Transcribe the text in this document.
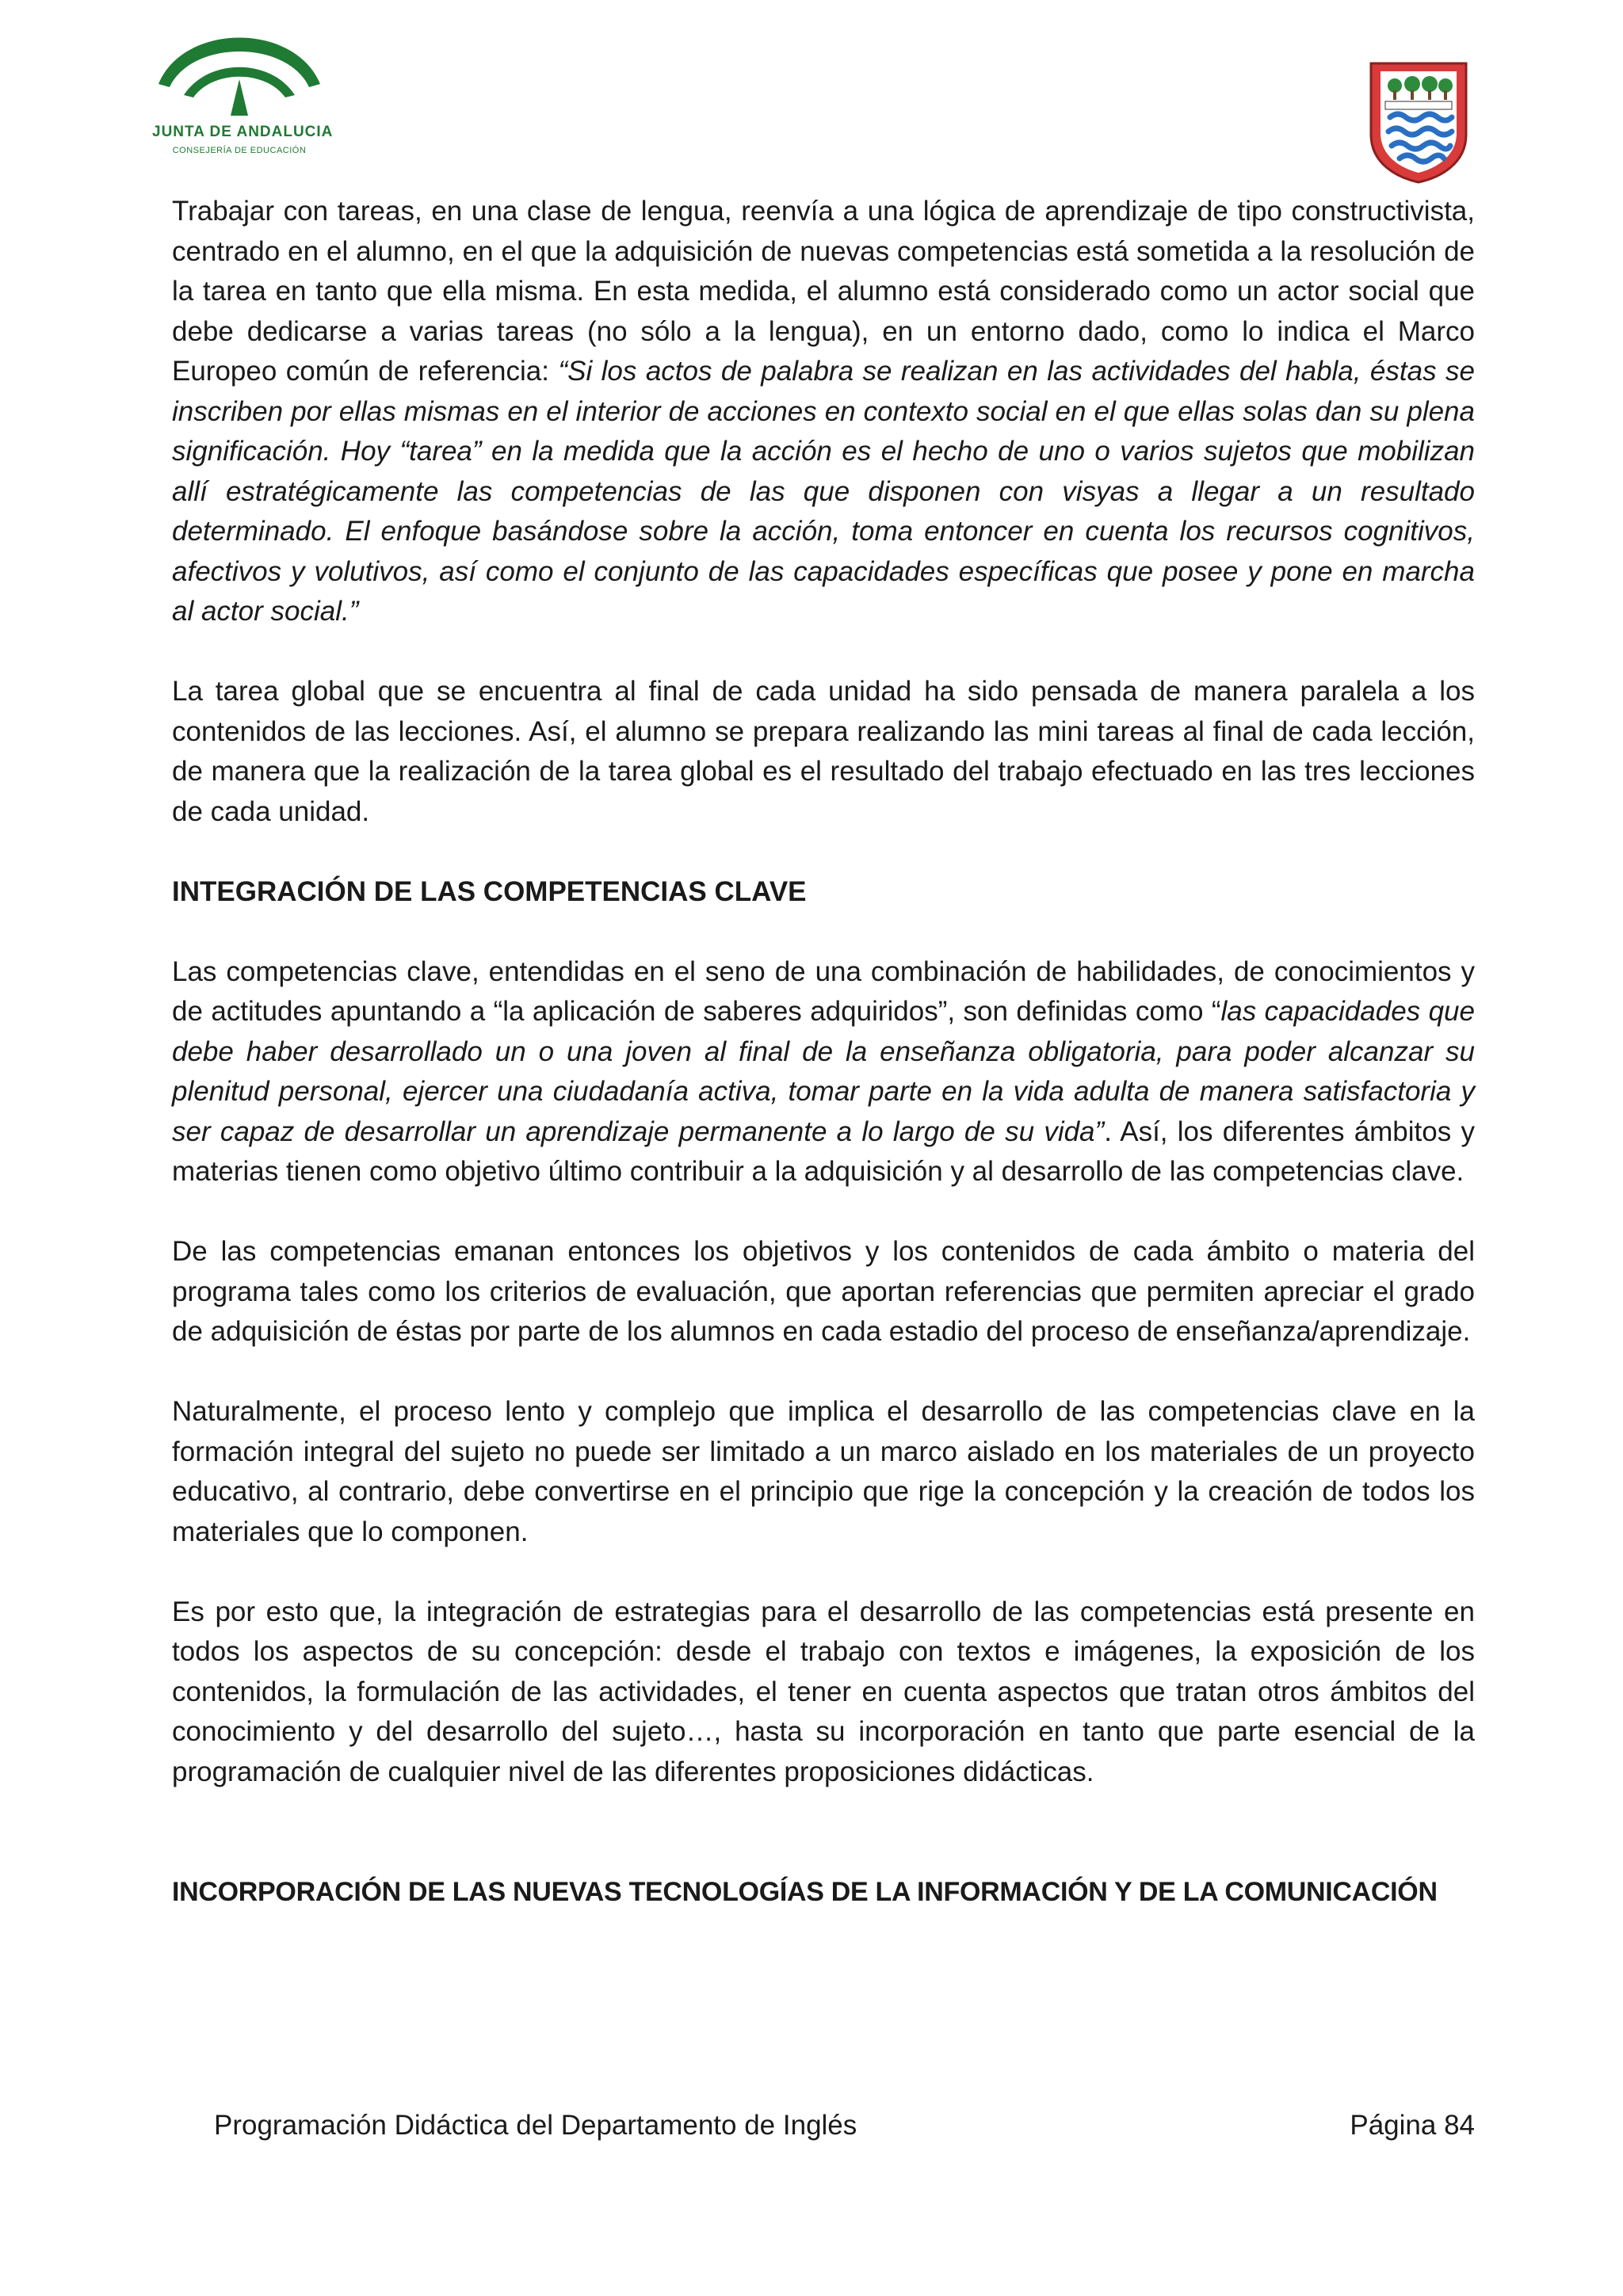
JUNTA DE ANDALUCIA
CONSEJERÍA DE EDUCACIÓN

Trabajar con tareas, en una clase de lengua, reenvía a una lógica de aprendizaje de tipo constructivista, centrado en el alumno, en el que la adquisición de nuevas competencias está sometida a la resolución de la tarea en tanto que ella misma. En esta medida, el alumno está considerado como un actor social que debe dedicarse a varias tareas (no sólo a la lengua), en un entorno dado, como lo indica el Marco Europeo común de referencia: “Si los actos de palabra se realizan en las actividades del habla, éstas se inscriben por ellas mismas en el interior de acciones en contexto social en el que ellas solas dan su plena significación. Hoy “tarea” en la medida que la acción es el hecho de uno o varios sujetos que mobilizan allí estratégicamente las competencias de las que disponen con visyas a llegar a un resultado determinado. El enfoque basándose sobre la acción, toma entoncer en cuenta los recursos cognitivos, afectivos y volutivos, así como el conjunto de las capacidades específicas que posee y pone en marcha al actor social.”

La tarea global que se encuentra al final de cada unidad ha sido pensada de manera paralela a los contenidos de las lecciones. Así, el alumno se prepara realizando las mini tareas al final de cada lección, de manera que la realización de la tarea global es el resultado del trabajo efectuado en las tres lecciones de cada unidad.

INTEGRACIÓN DE LAS COMPETENCIAS CLAVE

Las competencias clave, entendidas en el seno de una combinación de habilidades, de conocimientos y de actitudes apuntando a “la aplicación de saberes adquiridos”, son definidas como “las capacidades que debe haber desarrollado un o una joven al final de la enseñanza obligatoria, para poder alcanzar su plenitud personal, ejercer una ciudadanía activa, tomar parte en la vida adulta de manera satisfactoria y ser capaz de desarrollar un aprendizaje permanente a lo largo de su vida”. Así, los diferentes ámbitos y materias tienen como objetivo último contribuir a la adquisición y al desarrollo de las competencias clave.

De las competencias emanan entonces los objetivos y los contenidos de cada ámbito o materia del programa tales como los criterios de evaluación, que aportan referencias que permiten apreciar el grado de adquisición de éstas por parte de los alumnos en cada estadio del proceso de enseñanza/aprendizaje.

Naturalmente, el proceso lento y complejo que implica el desarrollo de las competencias clave en la formación integral del sujeto no puede ser limitado a un marco aislado en los materiales de un proyecto educativo, al contrario, debe convertirse en el principio que rige la concepción y la creación de todos los materiales que lo componen.

Es por esto que, la integración de estrategias para el desarrollo de las competencias está presente en todos los aspectos de su concepción: desde el trabajo con textos e imágenes, la exposición de los contenidos, la formulación de las actividades, el tener en cuenta aspectos que tratan otros ámbitos del conocimiento y del desarrollo del sujeto…, hasta su incorporación en tanto que parte esencial de la programación de cualquier nivel de las diferentes proposiciones didácticas.

INCORPORACIÓN DE LAS NUEVAS TECNOLOGÍAS DE LA INFORMACIÓN Y DE LA COMUNICACIÓN
Programación Didáctica del Departamento de Inglés	Página 84
